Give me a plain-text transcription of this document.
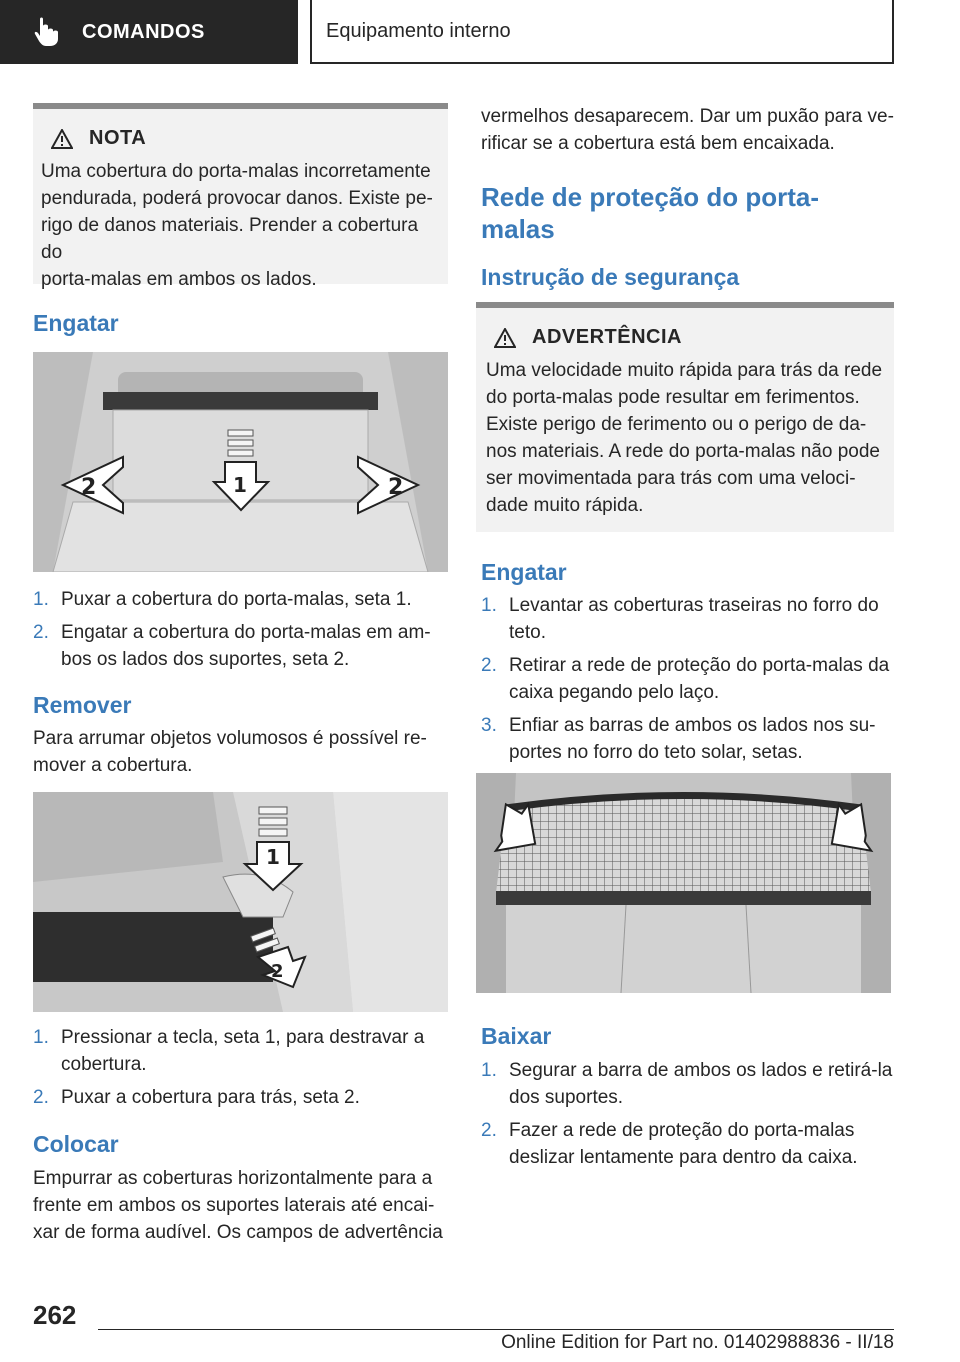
COMANDOS	Equipamento interno
NOTA
Uma cobertura do porta-malas incorretamente
pendurada, poderá provocar danos. Existe pe-
rigo de danos materiais. Prender a cobertura do
porta-malas em ambos os lados.
Engatar
2	1	2
1. Puxar a cobertura do porta-malas, seta 1.
2. Engatar a cobertura do porta-malas em am-
bos os lados dos suportes, seta 2.
Remover
Para arrumar objetos volumosos é possível re-
mover a cobertura.
1
2
1. Pressionar a tecla, seta 1, para destravar a
cobertura.
2. Puxar a cobertura para trás, seta 2.
Colocar
Empurrar as coberturas horizontalmente para a
frente em ambos os suportes laterais até encai-
xar de forma audível. Os campos de advertência
vermelhos desaparecem. Dar um puxão para ve-
rificar se a cobertura está bem encaixada.
Rede de proteção do porta-
malas
Instrução de segurança
ADVERTÊNCIA
Uma velocidade muito rápida para trás da rede
do porta-malas pode resultar em ferimentos.
Existe perigo de ferimento ou o perigo de da-
nos materiais. A rede do porta-malas não pode
ser movimentada para trás com uma veloci-
dade muito rápida.
Engatar
1. Levantar as coberturas traseiras no forro do
teto.
2. Retirar a rede de proteção do porta-malas da
caixa pegando pelo laço.
3. Enfiar as barras de ambos os lados nos su-
portes no forro do teto solar, setas.
Baixar
1. Segurar a barra de ambos os lados e retirá-la
dos suportes.
2. Fazer a rede de proteção do porta-malas
deslizar lentamente para dentro da caixa.
262
Online Edition for Part no. 01402988836 - II/18
